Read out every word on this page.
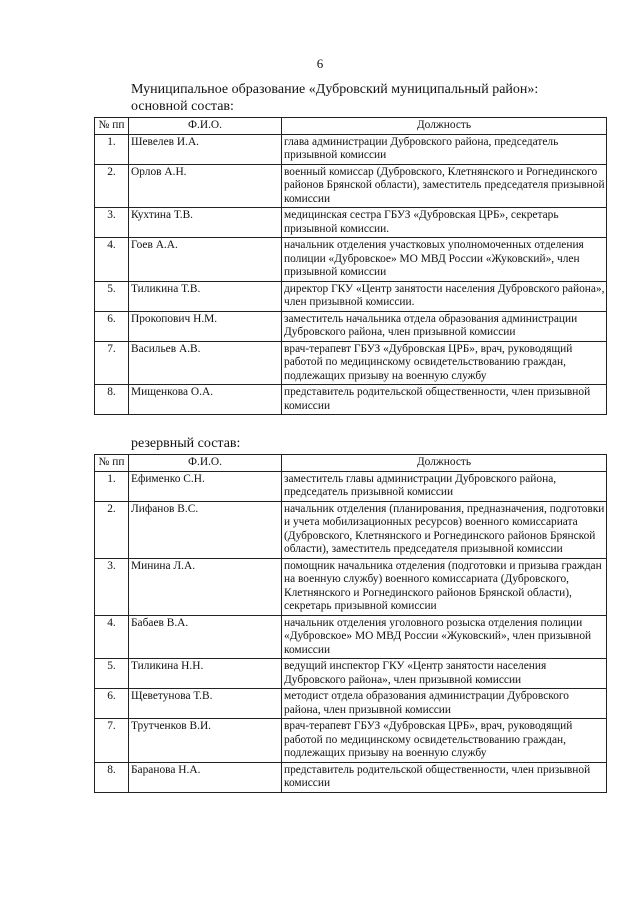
6
Муниципальное образование «Дубровский муниципальный район»:
основной состав:
№ пп	Ф.И.О.	Должность
1.	Шевелев И.А.	глава администрации Дубровского района, председатель призывной комиссии
2.	Орлов А.Н.	военный комиссар (Дубровского, Клетнянского и Рогнединского районов Брянской области), заместитель председателя призывной комиссии
3.	Кухтина Т.В.	медицинская сестра ГБУЗ «Дубровская ЦРБ», секретарь призывной комиссии.
4.	Гоев А.А.	начальник отделения участковых уполномоченных отделения полиции «Дубровское» МО МВД России «Жуковский», член призывной комиссии
5.	Тиликина Т.В.	директор ГКУ «Центр занятости населения Дубровского района», член призывной комиссии.
6.	Прокопович Н.М.	заместитель начальника отдела образования администрации Дубровского района, член призывной комиссии
7.	Васильев А.В.	врач-терапевт ГБУЗ «Дубровская ЦРБ», врач, руководящий работой по медицинскому освидетельствованию граждан, подлежащих призыву на военную службу
8.	Мищенкова О.А.	представитель родительской общественности, член призывной комиссии
резервный состав:
№ пп	Ф.И.О.	Должность
1.	Ефименко С.Н.	заместитель главы администрации Дубровского района, председатель призывной комиссии
2.	Лифанов В.С.	начальник отделения (планирования, предназначения, подготовки и учета мобилизационных ресурсов) военного комиссариата (Дубровского, Клетнянского и Рогнединского районов Брянской области), заместитель председателя призывной комиссии
3.	Минина Л.А.	помощник начальника отделения (подготовки и призыва граждан на военную службу) военного комиссариата (Дубровского, Клетнянского и Рогнединского районов Брянской области), секретарь призывной комиссии
4.	Бабаев В.А.	начальник отделения уголовного розыска отделения полиции «Дубровское» МО МВД России «Жуковский», член призывной комиссии
5.	Тиликина Н.Н.	ведущий инспектор ГКУ «Центр занятости населения Дубровского района», член призывной комиссии
6.	Щеветунова Т.В.	методист отдела образования администрации Дубровского района, член призывной комиссии
7.	Трутченков В.И.	врач-терапевт ГБУЗ «Дубровская ЦРБ», врач, руководящий работой по медицинскому освидетельствованию граждан, подлежащих призыву на военную службу
8.	Баранова Н.А.	представитель родительской общественности, член призывной комиссии
